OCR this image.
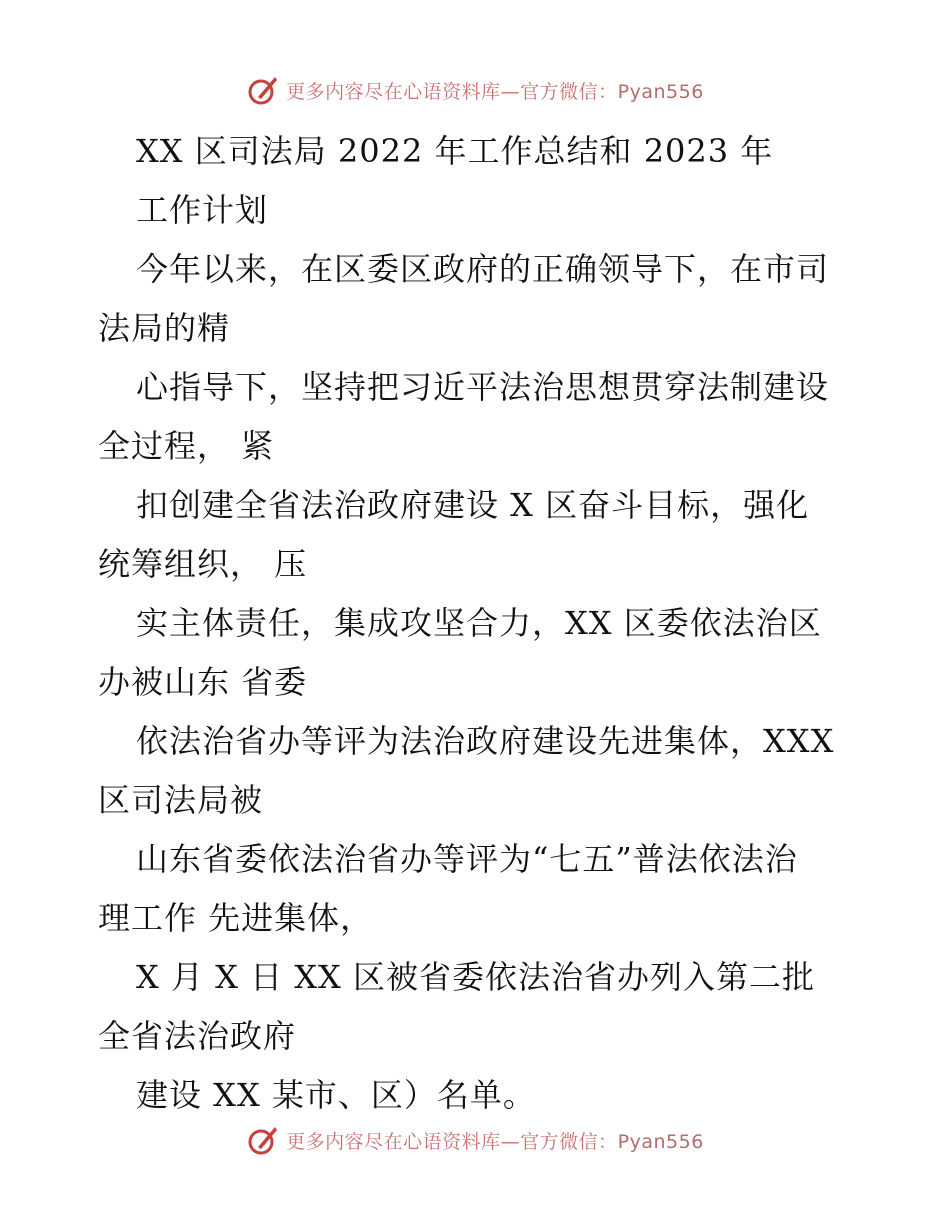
更多内容尽在心语资料库—官方微信：Pyan556
XX 区司法局 2022 年工作总结和 2023 年
工作计划
今年以来，在区委区政府的正确领导下，在市司
法局的精
心指导下，坚持把习近平法治思想贯穿法制建设
全过程， 紧
扣创建全省法治政府建设 X 区奋斗目标，强化
统筹组织， 压
实主体责任，集成攻坚合力，XX 区委依法治区
办被山东 省委
依法治省办等评为法治政府建设先进集体，XXX
区司法局被
山东省委依法治省办等评为“七五”普法依法治
理工作 先进集体，
X 月 X 日 XX 区被省委依法治省办列入第二批
全省法治政府
建设 XX 某市、区）名单。
更多内容尽在心语资料库—官方微信：Pyan556
